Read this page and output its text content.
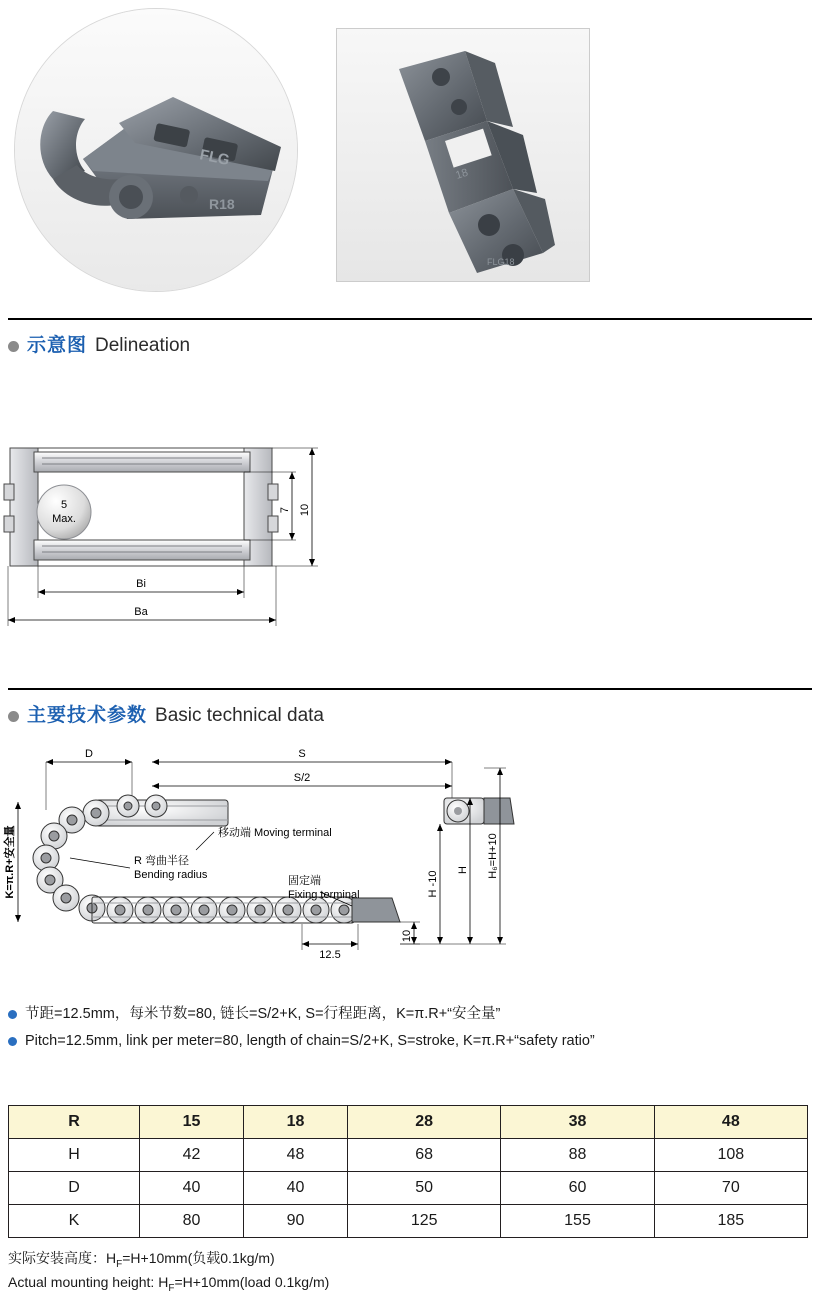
FLG
R18
18
FLG18
示意图 Delineation
5
Max.
7 10
Bi
Ba
主要技术参数 Basic technical data
D	S
S/2
移动端 Moving terminal
R 弯曲半径
Bending radius	固定端
Fixing terminal
12.5
10
H -10
H H₆=H+10
K=π.R+安全量
节距=12.5mm，每米节数=80, 链长=S/2+K, S=行程距离，K=π.R+“安全量”
Pitch=12.5mm, link per meter=80, length of chain=S/2+K, S=stroke, K=π.R+“safety ratio”
R	15	18	28	38	48
H	42	48	68	88	108
D	40	40	50	60	70
K	80	90	125	155	185
实际安装高度：$H_F=H+10mm$(负载0.1kg/m)
Actual mounting height: $H_F=H+10mm(load$ 0.1kg/m)
